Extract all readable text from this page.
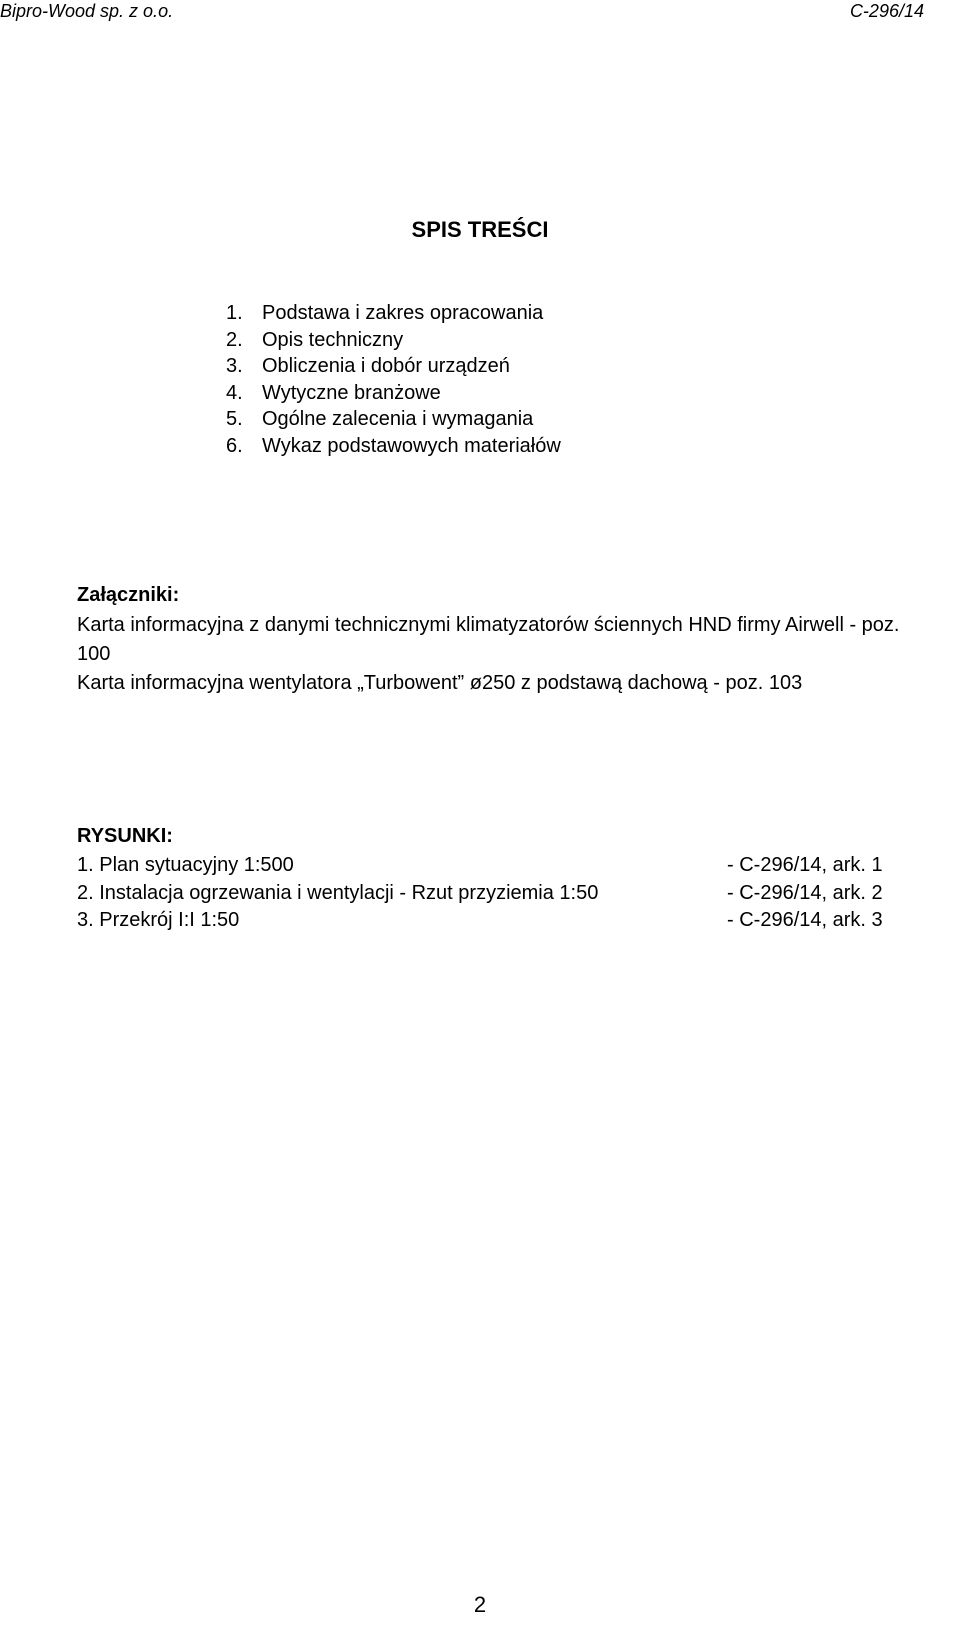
Bipro-Wood sp. z o.o.	C-296/14
SPIS TREŚCI
1. Podstawa i zakres opracowania
2. Opis techniczny
3. Obliczenia i dobór urządzeń
4. Wytyczne branżowe
5. Ogólne zalecenia i wymagania
6. Wykaz podstawowych materiałów
Załączniki:

Karta informacyjna z danymi technicznymi klimatyzatorów ściennych HND firmy Airwell - poz. 100

Karta informacyjna wentylatora „Turbowent” ø250 z podstawą dachową - poz. 103

RYSUNKI:
1. Plan sytuacyjny 1:500	- C-296/14, ark. 1
2. Instalacja ogrzewania i wentylacji - Rzut przyziemia 1:50	- C-296/14, ark. 2
3. Przekrój I:I 1:50	- C-296/14, ark. 3
2
